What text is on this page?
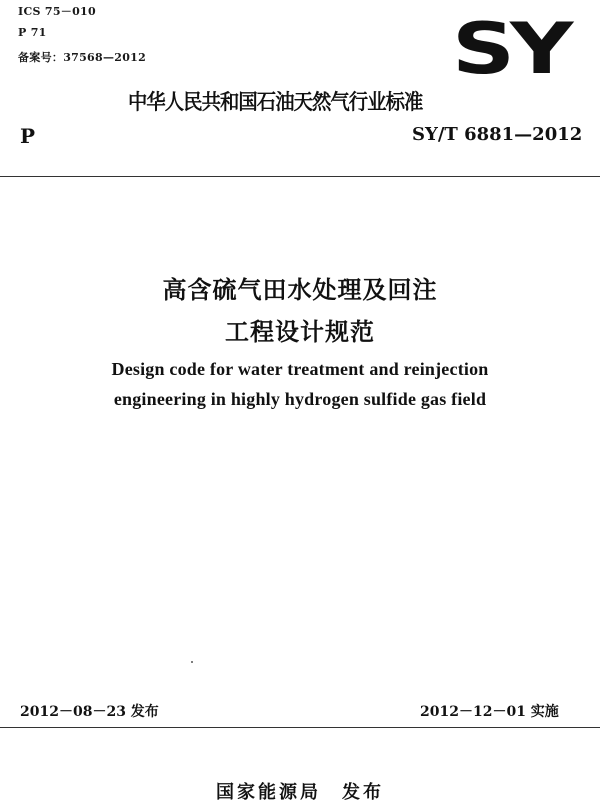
ICS 75－010
P 71
备案号：37568—2012	SY
中华人民共和国石油天然气行业标准
P	SY/T 6881—2012
高含硫气田水处理及回注
工程设计规范
Design code for water treatment and reinjection
engineering in highly hydrogen sulfide gas field
2012－08－23 发布	2012－12－01 实施
国家能源局　发布
